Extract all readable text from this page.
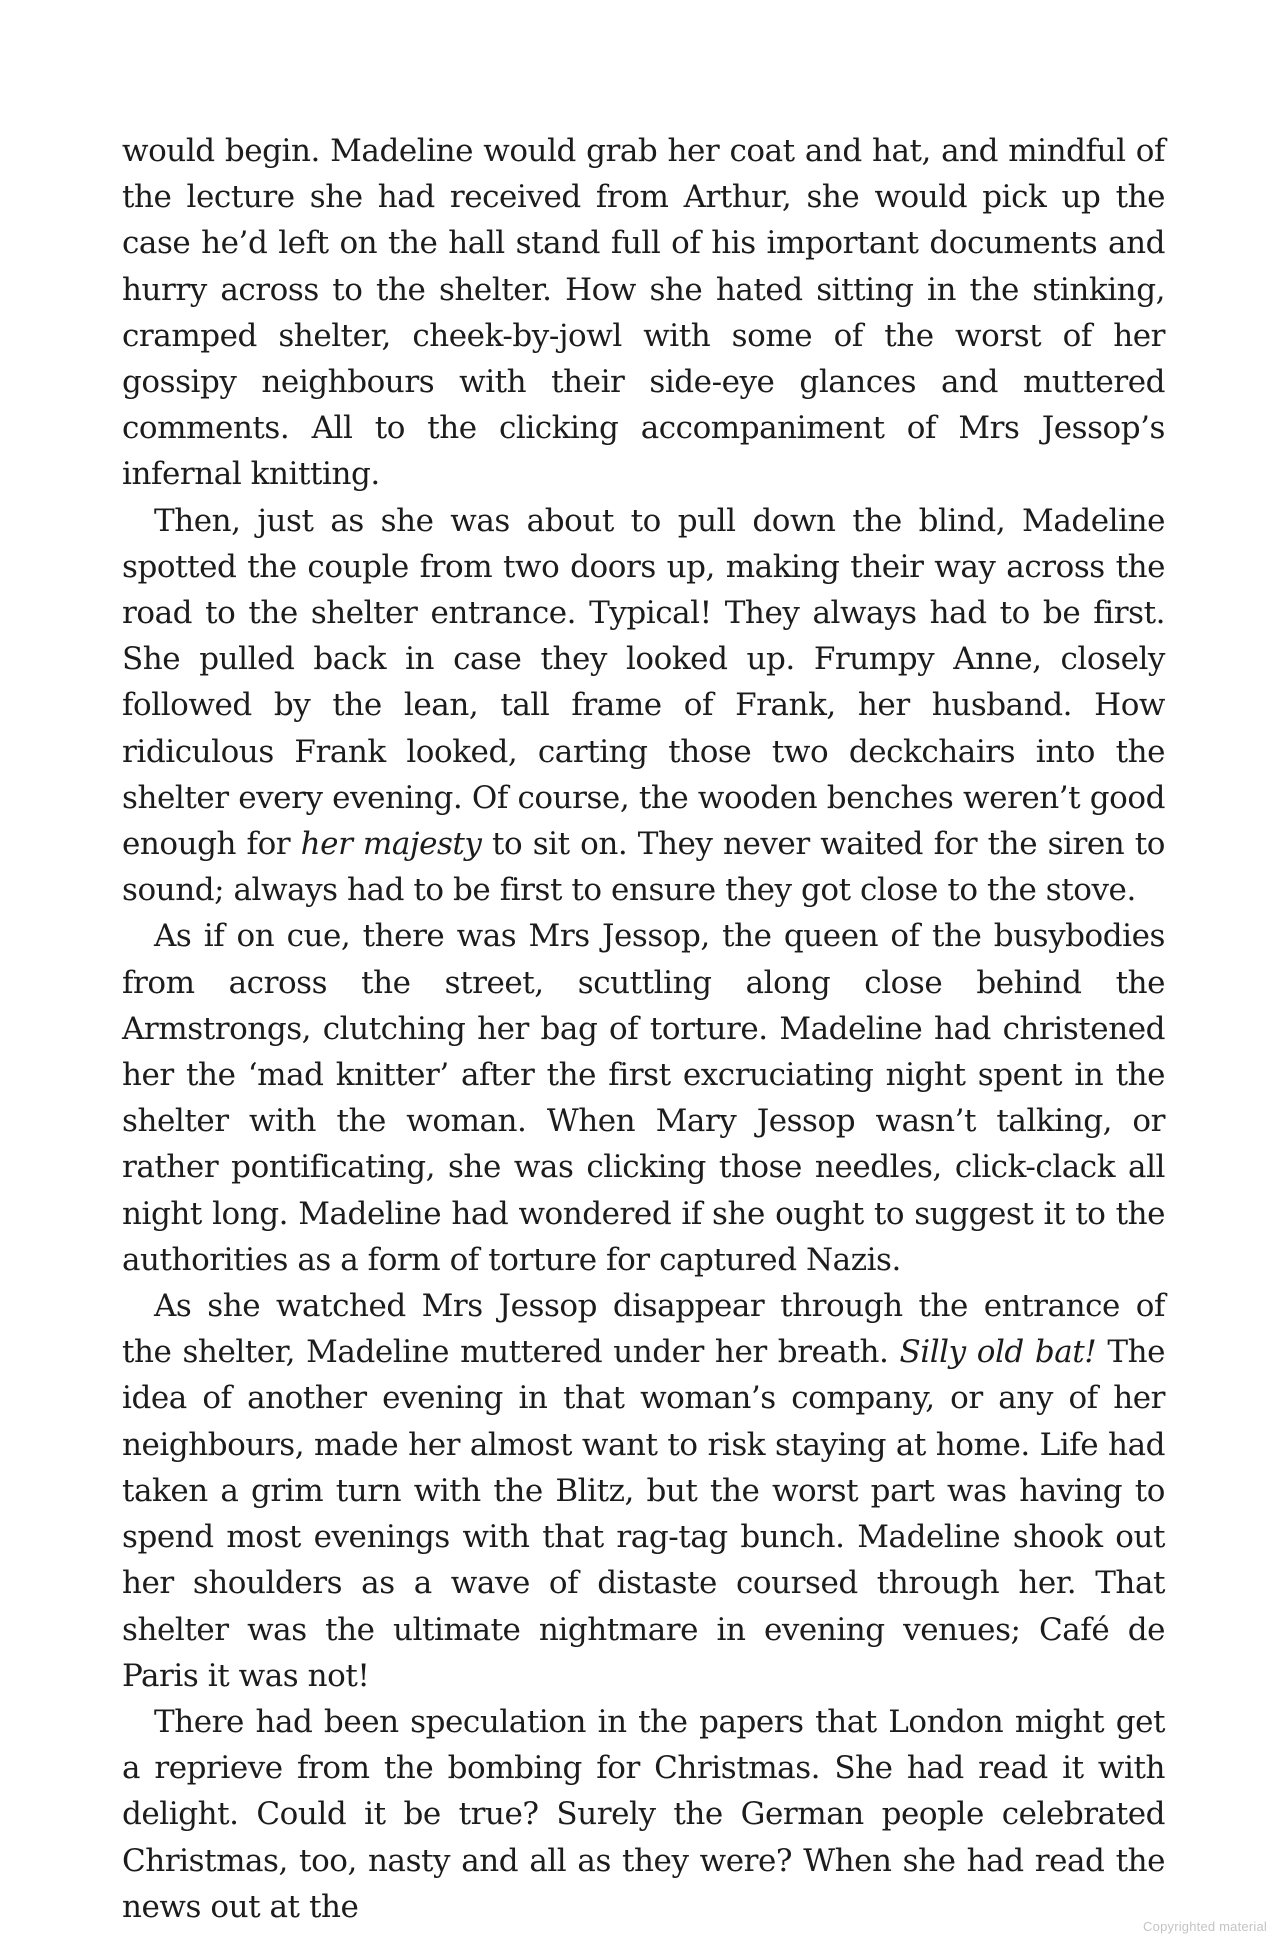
would begin. Madeline would grab her coat and hat, and mindful of the lecture she had received from Arthur, she would pick up the case he’d left on the hall stand full of his important documents and hurry across to the shelter. How she hated sitting in the stinking, cramped shelter, cheek-by-jowl with some of the worst of her gossipy neighbours with their side-eye glances and muttered comments. All to the clicking accompaniment of Mrs Jessop’s infernal knitting.

Then, just as she was about to pull down the blind, Madeline spotted the couple from two doors up, making their way across the road to the shelter entrance. Typical! They always had to be first. She pulled back in case they looked up. Frumpy Anne, closely followed by the lean, tall frame of Frank, her husband. How ridiculous Frank looked, carting those two deckchairs into the shelter every evening. Of course, the wooden benches weren’t good enough for her majesty to sit on. They never waited for the siren to sound; always had to be first to ensure they got close to the stove.

As if on cue, there was Mrs Jessop, the queen of the busybodies from across the street, scuttling along close behind the Armstrongs, clutching her bag of torture. Madeline had christened her the ‘mad knitter’ after the first excruciating night spent in the shelter with the woman. When Mary Jessop wasn’t talking, or rather pontificating, she was clicking those needles, click-clack all night long. Madeline had wondered if she ought to suggest it to the authorities as a form of torture for captured Nazis.

As she watched Mrs Jessop disappear through the entrance of the shelter, Madeline muttered under her breath. Silly old bat! The idea of another evening in that woman’s company, or any of her neighbours, made her almost want to risk staying at home. Life had taken a grim turn with the Blitz, but the worst part was having to spend most evenings with that rag-tag bunch. Madeline shook out her shoulders as a wave of distaste coursed through her. That shelter was the ultimate nightmare in evening venues; Café de Paris it was not!

There had been speculation in the papers that London might get a reprieve from the bombing for Christmas. She had read it with delight. Could it be true? Surely the German people celebrated Christmas, too, nasty and all as they were? When she had read the news out at the

Copyrighted material
